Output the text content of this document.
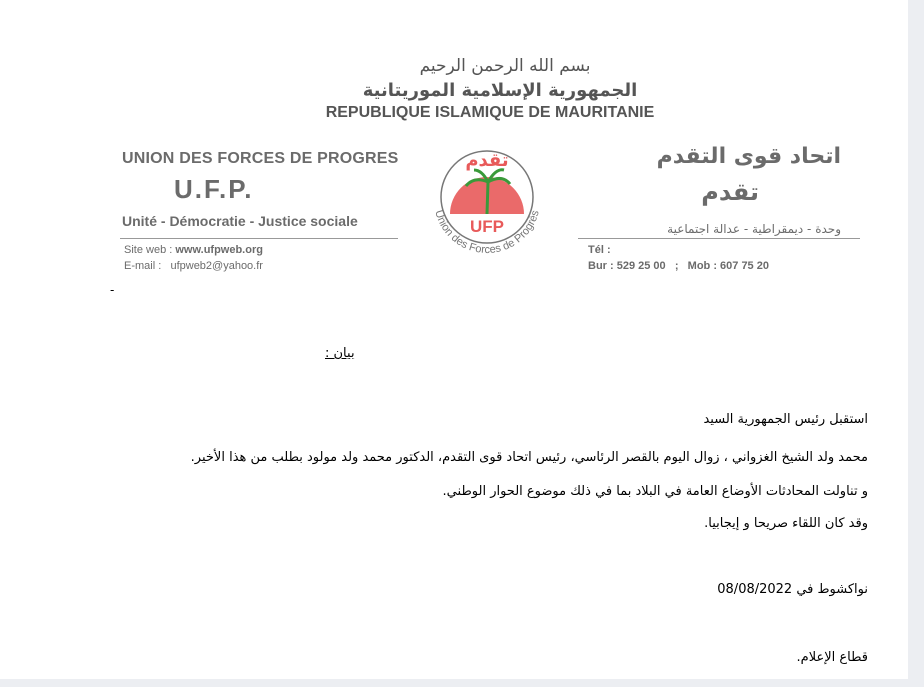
بسم الله الرحمن الرحيم
الجمهورية الإسلامية الموريتانية
REPUBLIQUE ISLAMIQUE DE MAURITANIE
UNION DES FORCES DE PROGRES
U.F.P.
Unité - Démocratie - Justice sociale
Site web : www.ufpweb.org
E-mail : ufpweb2@yahoo.fr
اتحاد قوى التقدم
تقدم
وحدة - ديمقراطية - عدالة اجتماعية
Tél :
Bur : 529 25 00   ;   Mob : 607 75 20
تقدم
UFP
Union des Forces de Progrès
-
بيان :
استقبل رئيس الجمهورية السيد
محمد ولد الشيخ الغزواني ، زوال اليوم بالقصر الرئاسي، رئيس اتحاد قوى التقدم، الدكتور محمد ولد مولود بطلب من هذا الأخير.
و تناولت المحادثات الأوضاع العامة في البلاد بما في ذلك موضوع الحوار الوطني.
وقد كان اللقاء صريحا و إيجابيا.
نواكشوط في 08/08/2022
قطاع الإعلام.
